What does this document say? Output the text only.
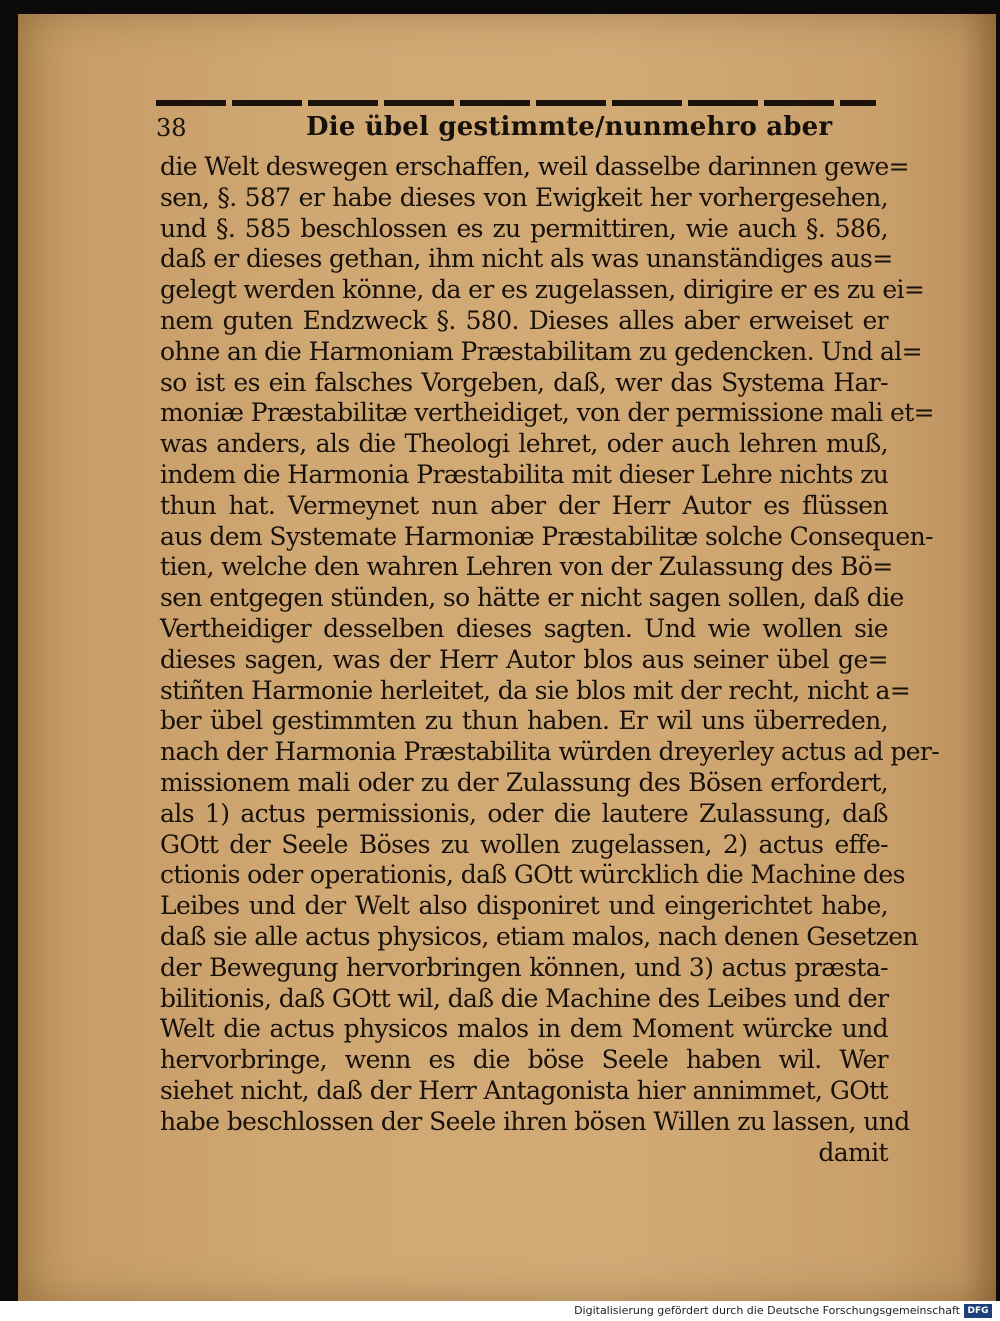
38	Die übel gestimmte/nunmehro aber
die Welt deswegen erschaffen, weil dasselbe darinnen gewe=
sen, §. 587 er habe dieses von Ewigkeit her vorhergesehen,
und §. 585 beschlossen es zu permittiren, wie auch §. 586,
daß er dieses gethan, ihm nicht als was unanständiges aus=
gelegt werden könne, da er es zugelassen, dirigire er es zu ei=
nem guten Endzweck §. 580. Dieses alles aber erweiset er
ohne an die Harmoniam Præstabilitam zu gedencken. Und al=
so ist es ein falsches Vorgeben, daß, wer das Systema Har-
moniæ Præstabilitæ vertheidiget, von der permissione mali et=
was anders, als die Theologi lehret, oder auch lehren muß,
indem die Harmonia Præstabilita mit dieser Lehre nichts zu
thun hat. Vermeynet nun aber der Herr Autor es flüssen
aus dem Systemate Harmoniæ Præstabilitæ solche Consequen-
tien, welche den wahren Lehren von der Zulassung des Bö=
sen entgegen stünden, so hätte er nicht sagen sollen, daß die
Vertheidiger desselben dieses sagten. Und wie wollen sie
dieses sagen, was der Herr Autor blos aus seiner übel ge=
stiñten Harmonie herleitet, da sie blos mit der recht, nicht a=
ber übel gestimmten zu thun haben. Er wil uns überreden,
nach der Harmonia Præstabilita würden dreyerley actus ad per-
missionem mali oder zu der Zulassung des Bösen erfordert,
als 1) actus permissionis, oder die lautere Zulassung, daß
GOtt der Seele Böses zu wollen zugelassen, 2) actus effe-
ctionis oder operationis, daß GOtt würcklich die Machine des
Leibes und der Welt also disponiret und eingerichtet habe,
daß sie alle actus physicos, etiam malos, nach denen Gesetzen
der Bewegung hervorbringen können, und 3) actus præsta-
bilitionis, daß GOtt wil, daß die Machine des Leibes und der
Welt die actus physicos malos in dem Moment würcke und
hervorbringe, wenn es die böse Seele haben wil. Wer
siehet nicht, daß der Herr Antagonista hier annimmet, GOtt
habe beschlossen der Seele ihren bösen Willen zu lassen, und
damit
Digitalisierung gefördert durch die Deutsche Forschungsgemeinschaft DFG
